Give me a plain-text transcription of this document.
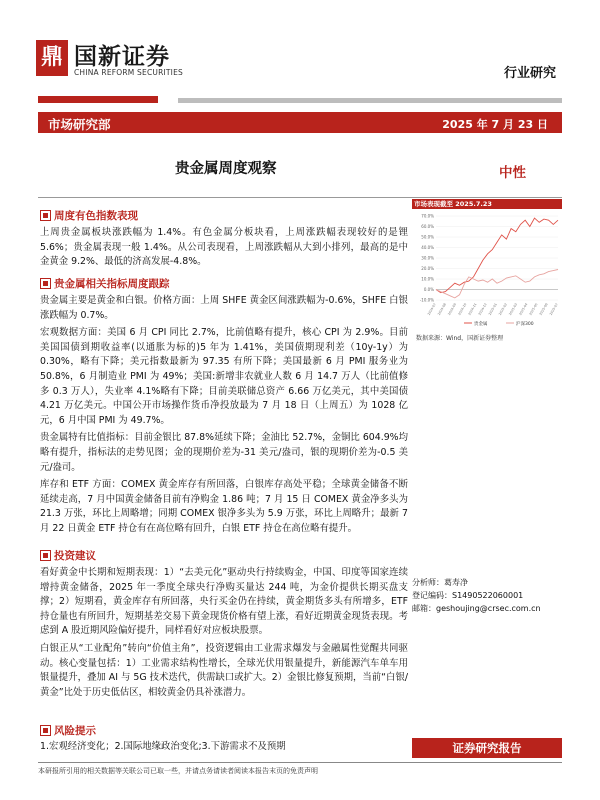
鼎 国新证券
CHINA REFORM SECURITIES	行业研究
市场研究部	2025 年 7 月 23 日
贵金属周度观察	中性
周度有色指数表现

上周贵金属板块涨跌幅为 1.4%。有色金属分板块看，上周涨跌幅表现较好的是锂 5.6%；贵金属表现一般 1.4%。从公司表现看，上周涨跌幅从大到小排列，最高的是中金黄金 9.2%、最低的济高发展-4.8%。

贵金属相关指标周度跟踪

贵金属主要是黄金和白银。价格方面：上周 SHFE 黄金区间涨跌幅为-0.6%，SHFE 白银涨跌幅为 0.7%。

宏观数据方面：美国 6 月 CPI 同比 2.7%，比前值略有提升，核心 CPI 为 2.9%。目前美国国债到期收益率(以通胀为标的)5 年为 1.41%，美国债期现利差（10y-1y）为 0.30%，略有下降；美元指数最新为 97.35 有所下降；美国最新 6 月 PMI 服务业为 50.8%，6 月制造业 PMI 为 49%；美国:新增非农就业人数 6 月 14.7 万人（比前值修多 0.3 万人），失业率 4.1%略有下降；目前美联储总资产 6.66 万亿美元，其中美国债 4.21 万亿美元。中国公开市场操作货币净投放最为 7 月 18 日（上周五）为 1028 亿元，6 月中国 PMI 为 49.7%。

贵金属特有比值指标：目前金银比 87.8%延续下降；金油比 52.7%，金铜比 604.9%均略有提升，指标法的走势见图；金的现期价差为-31 美元/盎司，银的现期价差为-0.5 美元/盎司。

库存和 ETF 方面：COMEX 黄金库存有所回落，白银库存高处平稳；全球黄金储备不断延续走高，7 月中国黄金储备目前有净购金 1.86 吨；7 月 15 日 COMEX 黄金净多头为 21.3 万张，环比上周略增；同期 COMEX 银净多头为 5.9 万张，环比上周略升；最新 7 月 22 日黄金 ETF 持仓有在高位略有回升，白银 ETF 持仓在高位略有提升。

投资建议

看好黄金中长期和短期表现：1）“去美元化”驱动央行持续购金，中国、印度等国家连续增持黄金储备，2025 年一季度全球央行净购买量达 244 吨，为金价提供长期买盘支撑；2）短期看，黄金库存有所回落，央行买金仍在持续，黄金期货多头有所增多，ETF 持仓量也有所回升，短期基差交易下黄金现货价格有望上涨，看好近期黄金现货表现。考虑到 A 股近期风险偏好提升，同样看好对应板块股票。

白银正从“工业配角”转向“价值主角”，投资逻辑由工业需求爆发与金融属性觉醒共同驱动。核心变量包括：1）工业需求结构性增长，全球光伏用银量提升，新能源汽车单车用银量提升，叠加 AI 与 5G 技术迭代，供需缺口或扩大。2）金银比修复预期，当前“白银/黄金”比处于历史低估区，相较黄金仍具补涨潜力。

风险提示

1.宏观经济变化；2.国际地缘政治变化;3.下游需求不及预期

市场表现截至 2025.7.23
70.0%
60.0%
50.0%
40.0%
30.0%
20.0%
10.0%
0.0%
-10.0%
2024-07 2024-08 2024-09 2024-10 2024-11 2024-12 2025-01 2025-02 2025-03 2025-04 2025-05 2025-06 2025-07
贵金属	沪深300
数据来源：Wind，国新证券整理
分析师：葛寿净
登记编码：S1490522060001
邮箱：geshoujing@crsec.com.cn
证券研究报告
本研报所引用的相关数据等关联公司已取一些，并请点务请读者阅读本报告末页的免责声明
